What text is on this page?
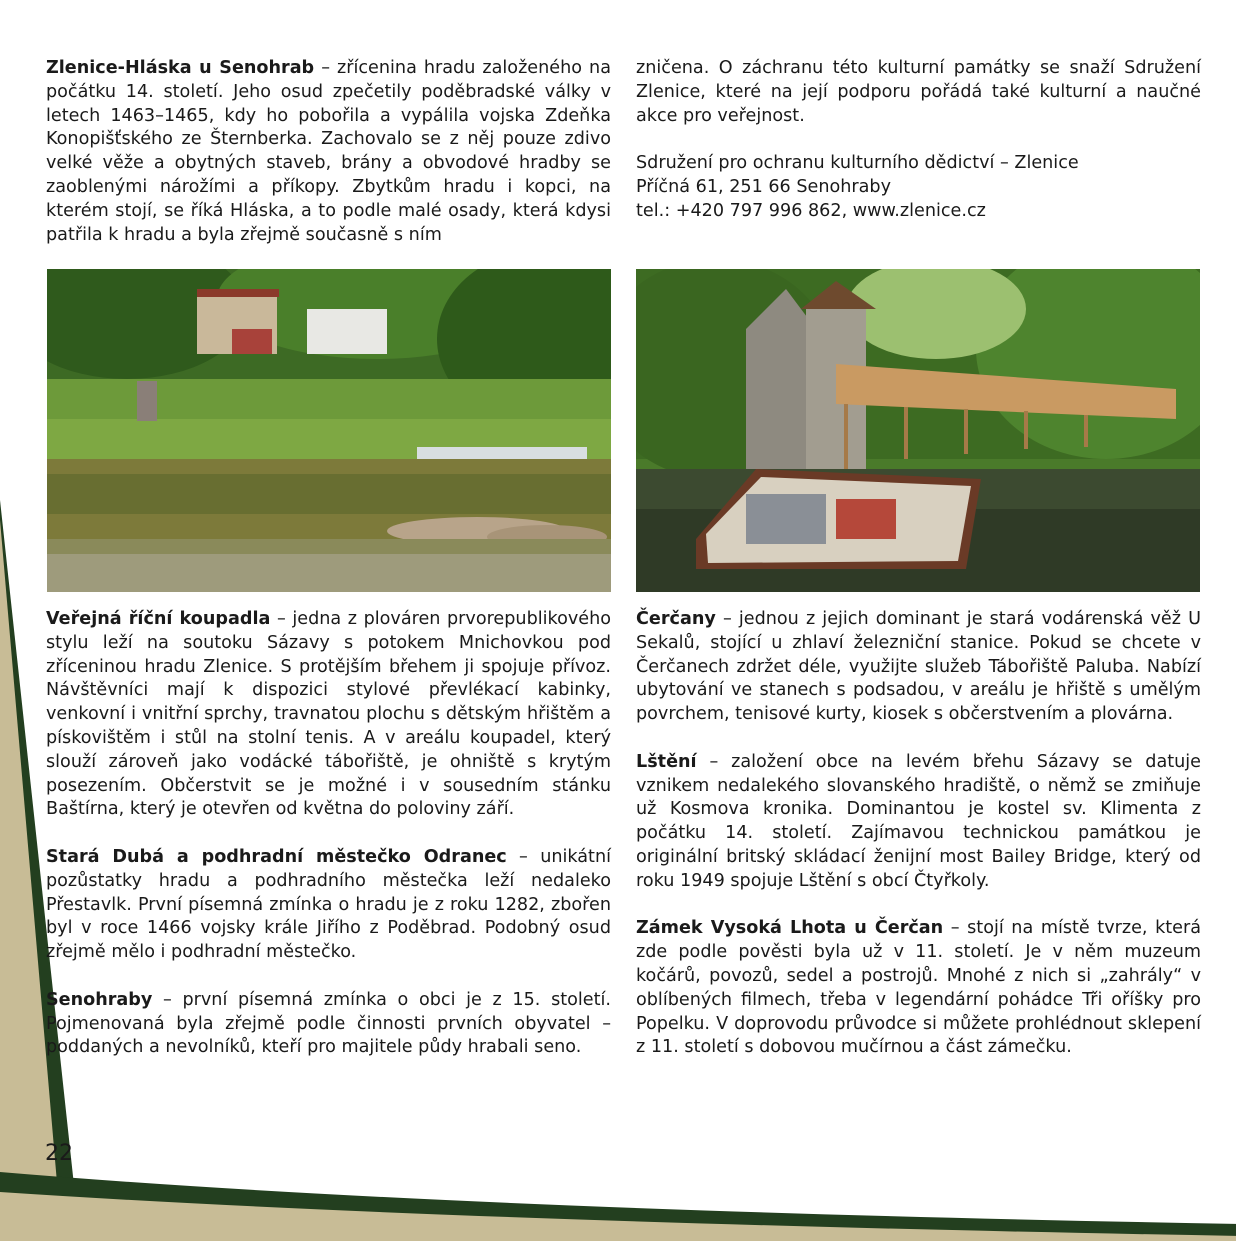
Zlenice-Hláska u Senohrab – zřícenina hradu založeného na počátku 14. století. Jeho osud zpečetily poděbradské války v letech 1463–1465, kdy ho pobořila a vypálila vojska Zdeňka Konopišťského ze Šternberka. Zachovalo se z něj pouze zdivo velké věže a obytných staveb, brány a obvodové hradby se zaoblenými nárožími a příkopy. Zbytkům hradu i kopci, na kterém stojí, se říká Hláska, a to podle malé osady, která kdysi patřila k hradu a byla zřejmě současně s ním

zničena. O záchranu této kulturní památky se snaží Sdružení Zlenice, které na její podporu pořádá také kulturní a naučné akce pro veřejnost.

Sdružení pro ochranu kulturního dědictví – Zlenice
Příčná 61, 251 66 Senohraby
tel.: +420 797 996 862, www.zlenice.cz

Veřejná říční koupadla – jedna z plováren prvorepublikového stylu leží na soutoku Sázavy s potokem Mnichovkou pod zříceninou hradu Zlenice. S protějším břehem ji spojuje přívoz. Návštěvníci mají k dispozici stylové převlékací kabinky, venkovní i vnitřní sprchy, travnatou plochu s dětským hřištěm a pískovištěm i stůl na stolní tenis. A v areálu koupadel, který slouží zároveň jako vodácké tábořiště, je ohniště s krytým posezením. Občerstvit se je možné i v sousedním stánku Baštírna, který je otevřen od května do poloviny září.

Stará Dubá a podhradní městečko Odranec – unikátní pozůstatky hradu a podhradního městečka leží nedaleko Přestavlk. První písemná zmínka o hradu je z roku 1282, zbořen byl v roce 1466 vojsky krále Jiřího z Poděbrad. Podobný osud zřejmě mělo i podhradní městečko.

Senohraby – první písemná zmínka o obci je z 15. století. Pojmenovaná byla zřejmě podle činnosti prvních obyvatel – poddaných a nevolníků, kteří pro majitele půdy hrabali seno.

Čerčany – jednou z jejich dominant je stará vodárenská věž U Sekalů, stojící u zhlaví železniční stanice. Pokud se chcete v Čerčanech zdržet déle, využijte služeb Tábořiště Paluba. Nabízí ubytování ve stanech s podsadou, v areálu je hřiště s umělým povrchem, tenisové kurty, kiosek s občerstvením a plovárna.

Lštění – založení obce na levém břehu Sázavy se datuje vznikem nedalekého slovanského hradiště, o němž se zmiňuje už Kosmova kronika. Dominantou je kostel sv. Klimenta z počátku 14. století. Zajímavou technickou památkou je originální britský skládací ženijní most Bailey Bridge, který od roku 1949 spojuje Lštění s obcí Čtyřkoly.

Zámek Vysoká Lhota u Čerčan – stojí na místě tvrze, která zde podle pověsti byla už v 11. století. Je v něm muzeum kočárů, povozů, sedel a postrojů. Mnohé z nich si „zahrály“ v oblíbených filmech, třeba v legendární pohádce Tři oříšky pro Popelku. V doprovodu průvodce si můžete prohlédnout sklepení z 11. století s dobovou mučírnou a část zámečku.

22
